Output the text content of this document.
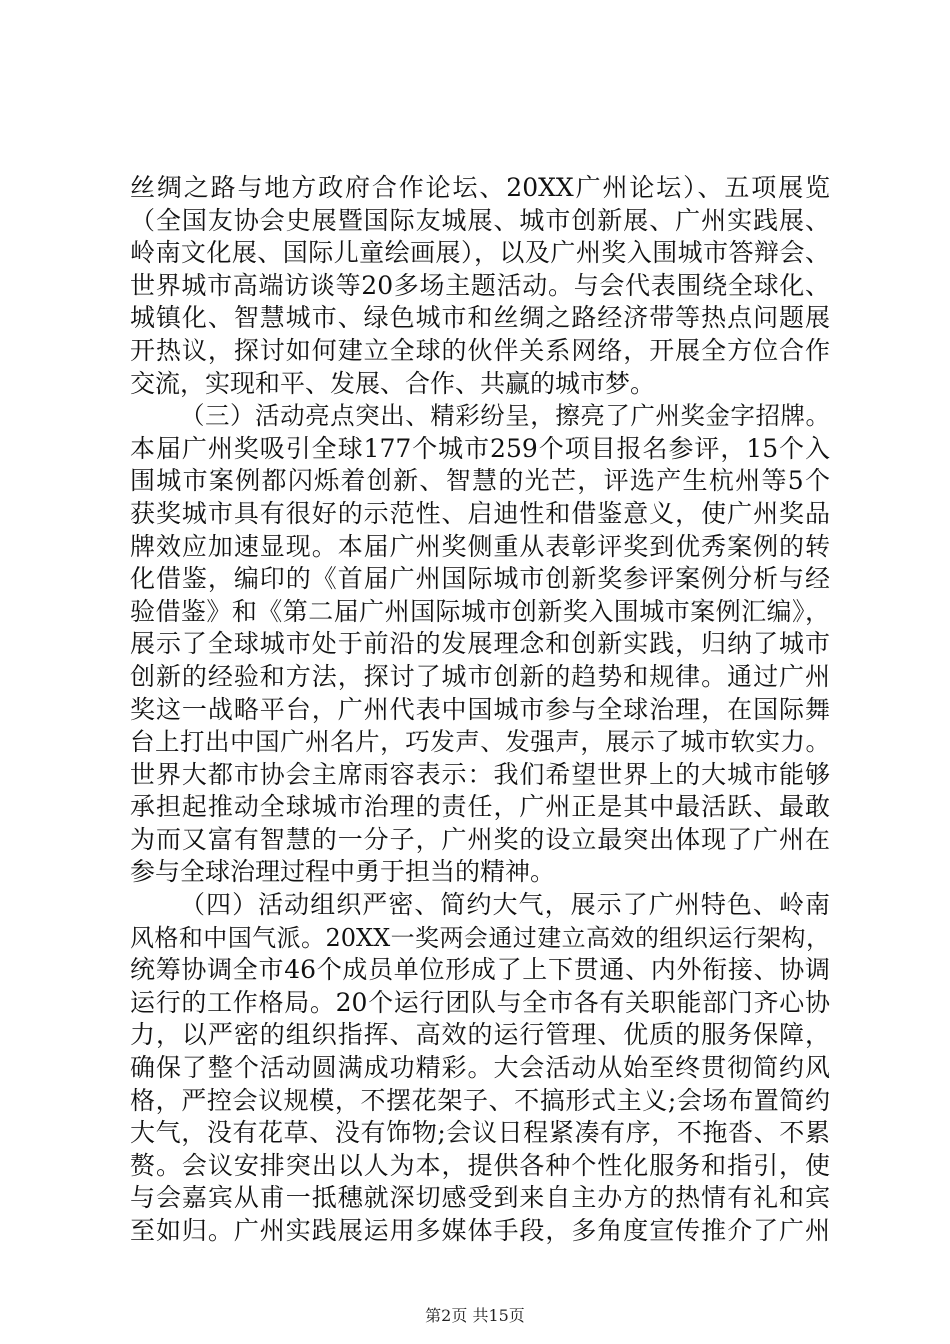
丝绸之路与地方政府合作论坛、20XX广州论坛）、五项展览
（全国友协会史展暨国际友城展、城市创新展、广州实践展、
岭南文化展、国际儿童绘画展），以及广州奖入围城市答辩会、
世界城市高端访谈等20多场主题活动。与会代表围绕全球化、
城镇化、智慧城市、绿色城市和丝绸之路经济带等热点问题展
开热议，探讨如何建立全球的伙伴关系网络，开展全方位合作
交流，实现和平、发展、合作、共赢的城市梦。
（三）活动亮点突出、精彩纷呈，擦亮了广州奖金字招牌。
本届广州奖吸引全球177个城市259个项目报名参评，15个入
围城市案例都闪烁着创新、智慧的光芒，评选产生杭州等5个
获奖城市具有很好的示范性、启迪性和借鉴意义，使广州奖品
牌效应加速显现。本届广州奖侧重从表彰评奖到优秀案例的转
化借鉴，编印的《首届广州国际城市创新奖参评案例分析与经
验借鉴》和《第二届广州国际城市创新奖入围城市案例汇编》，
展示了全球城市处于前沿的发展理念和创新实践，归纳了城市
创新的经验和方法，探讨了城市创新的趋势和规律。通过广州
奖这一战略平台，广州代表中国城市参与全球治理，在国际舞
台上打出中国广州名片，巧发声、发强声，展示了城市软实力。
世界大都市协会主席雨容表示：我们希望世界上的大城市能够
承担起推动全球城市治理的责任，广州正是其中最活跃、最敢
为而又富有智慧的一分子，广州奖的设立最突出体现了广州在
参与全球治理过程中勇于担当的精神。
（四）活动组织严密、简约大气，展示了广州特色、岭南
风格和中国气派。20XX一奖两会通过建立高效的组织运行架构，
统筹协调全市46个成员单位形成了上下贯通、内外衔接、协调
运行的工作格局。20个运行团队与全市各有关职能部门齐心协
力，以严密的组织指挥、高效的运行管理、优质的服务保障，
确保了整个活动圆满成功精彩。大会活动从始至终贯彻简约风
格，严控会议规模，不摆花架子、不搞形式主义;会场布置简约
大气，没有花草、没有饰物;会议日程紧凑有序，不拖沓、不累
赘。会议安排突出以人为本，提供各种个性化服务和指引，使
与会嘉宾从甫一抵穗就深切感受到来自主办方的热情有礼和宾
至如归。广州实践展运用多媒体手段，多角度宣传推介了广州
第2页 共15页
